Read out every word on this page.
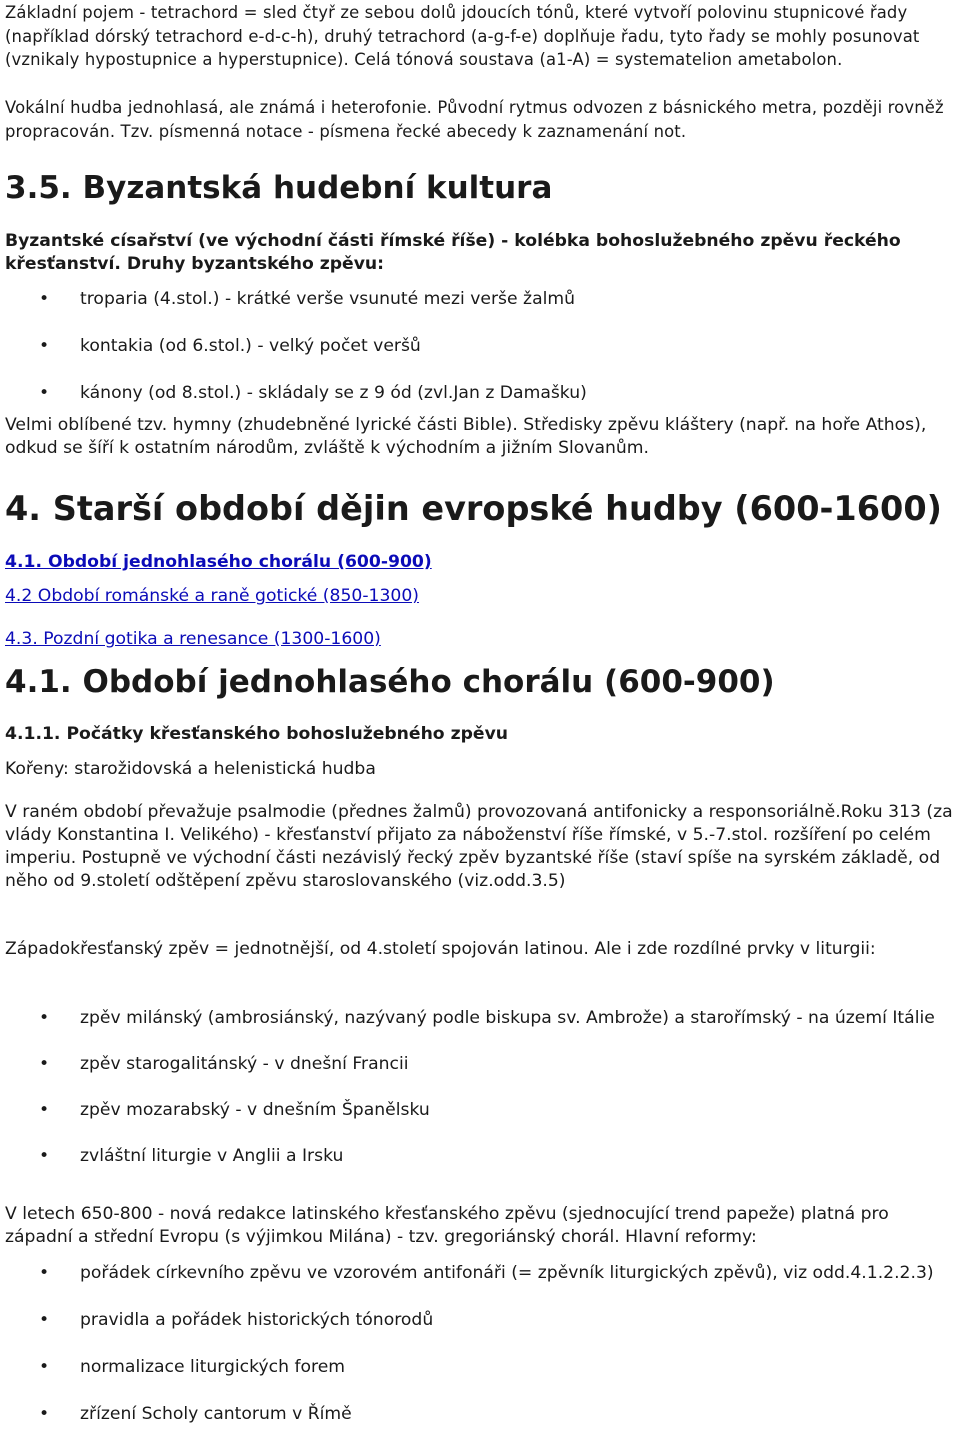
Základní pojem - tetrachord = sled čtyř ze sebou dolů jdoucích tónů, které vytvoří polovinu stupnicové řady (například dórský tetrachord e-d-c-h), druhý tetrachord (a-g-f-e) doplňuje řadu, tyto řady se mohly posunovat (vznikaly hypostupnice a hyperstupnice). Celá tónová soustava (a1-A) = systematelion ametabolon.

Vokální hudba jednohlasá, ale známá i heterofonie. Původní rytmus odvozen z básnického metra, později rovněž propracován. Tzv. písmenná notace - písmena řecké abecedy k zaznamenání not.

3.5. Byzantská hudební kultura

Byzantské císařství (ve východní části římské říše) - kolébka bohoslužebného zpěvu řeckého křesťanství. Druhy byzantského zpěvu:

• troparia (4.stol.) - krátké verše vsunuté mezi verše žalmů
• kontakia (od 6.stol.) - velký počet veršů
• kánony (od 8.stol.) - skládaly se z 9 ód (zvl.Jan z Damašku)

Velmi oblíbené tzv. hymny (zhudebněné lyrické části Bible). Středisky zpěvu kláštery (např. na hoře Athos), odkud se šíří k ostatním národům, zvláště k východním a jižním Slovanům.

4. Starší období dějin evropské hudby (600-1600)
4.1. Období jednohlasého chorálu (600-900)
4.2 Období románské a raně gotické (850-1300)
4.3. Pozdní gotika a renesance (1300-1600)
4.1. Období jednohlasého chorálu (600-900)
4.1.1. Počátky křesťanského bohoslužebného zpěvu

Kořeny: starožidovská a helenistická hudba

V raném období převažuje psalmodie (přednes žalmů) provozovaná antifonicky a responsoriálně.Roku 313 (za vlády Konstantina I. Velikého) - křesťanství přijato za náboženství říše římské, v 5.-7.stol. rozšíření po celém imperiu. Postupně ve východní části nezávislý řecký zpěv byzantské říše (staví spíše na syrském základě, od něho od 9.století odštěpení zpěvu staroslovanského (viz.odd.3.5)

Západokřesťanský zpěv = jednotnější, od 4.století spojován latinou. Ale i zde rozdílné prvky v liturgii:

• zpěv milánský (ambrosiánský, nazývaný podle biskupa sv. Ambrože) a starořímský - na území Itálie
• zpěv starogalitánský - v dnešní Francii
• zpěv mozarabský - v dnešním Španělsku
• zvláštní liturgie v Anglii a Irsku

V letech 650-800 - nová redakce latinského křesťanského zpěvu (sjednocující trend papeže) platná pro západní a střední Evropu (s výjimkou Milána) - tzv. gregoriánský chorál. Hlavní reformy:

• pořádek církevního zpěvu ve vzorovém antifonáři (= zpěvník liturgických zpěvů), viz odd.4.1.2.2.3)
• pravidla a pořádek historických tónorodů
• normalizace liturgických forem
• zřízení Scholy cantorum v Římě
